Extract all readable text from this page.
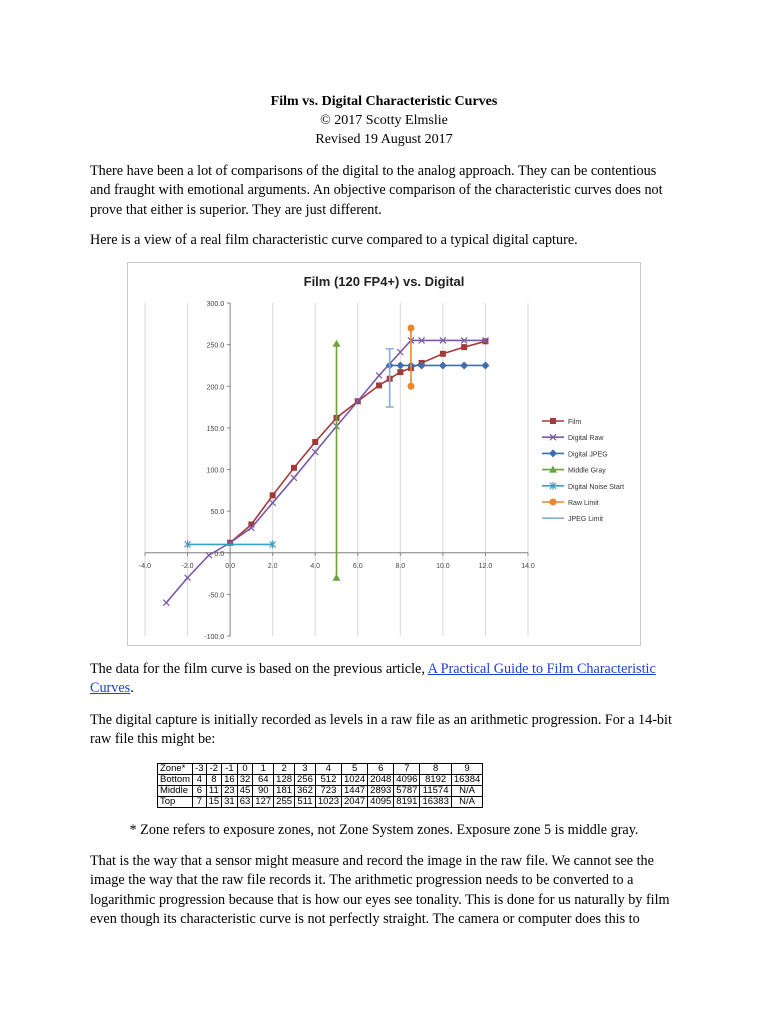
Film vs. Digital Characteristic Curves
© 2017 Scotty Elmslie
Revised 19 August 2017

There have been a lot of comparisons of the digital to the analog approach. They can be contentious and fraught with emotional arguments. An objective comparison of the characteristic curves does not prove that either is superior. They are just different.

Here is a view of a real film characteristic curve compared to a typical digital capture.

Film (120 FP4+) vs. Digital
-100.0
-50.0
0.0
50.0
100.0
150.0
200.0
250.0
300.0
-4.0	-2.0	0.0	2.0	4.0	6.0	8.0	10.0	12.0	14.0
Film
Digital Raw
Digital JPEG
Middle Gray
Digital Noise Start
Raw Limit
JPEG Limit

The data for the film curve is based on the previous article, A Practical Guide to Film Characteristic Curves.

The digital capture is initially recorded as levels in a raw file as an arithmetic progression. For a 14-bit raw file this might be:

Zone*	-3	-2	-1	0	1	2	3	4	5	6	7	8	9
Bottom	4	8	16	32	64	128	256	512	1024	2048	4096	8192	16384
Middle	6	11	23	45	90	181	362	723	1447	2893	5787	11574	N/A
Top	7	15	31	63	127	255	511	1023	2047	4095	8191	16383	N/A
* Zone refers to exposure zones, not Zone System zones. Exposure zone 5 is middle gray.

That is the way that a sensor might measure and record the image in the raw file. We cannot see the image the way that the raw file records it. The arithmetic progression needs to be converted to a logarithmic progression because that is how our eyes see tonality. This is done for us naturally by film even though its characteristic curve is not perfectly straight. The camera or computer does this to
